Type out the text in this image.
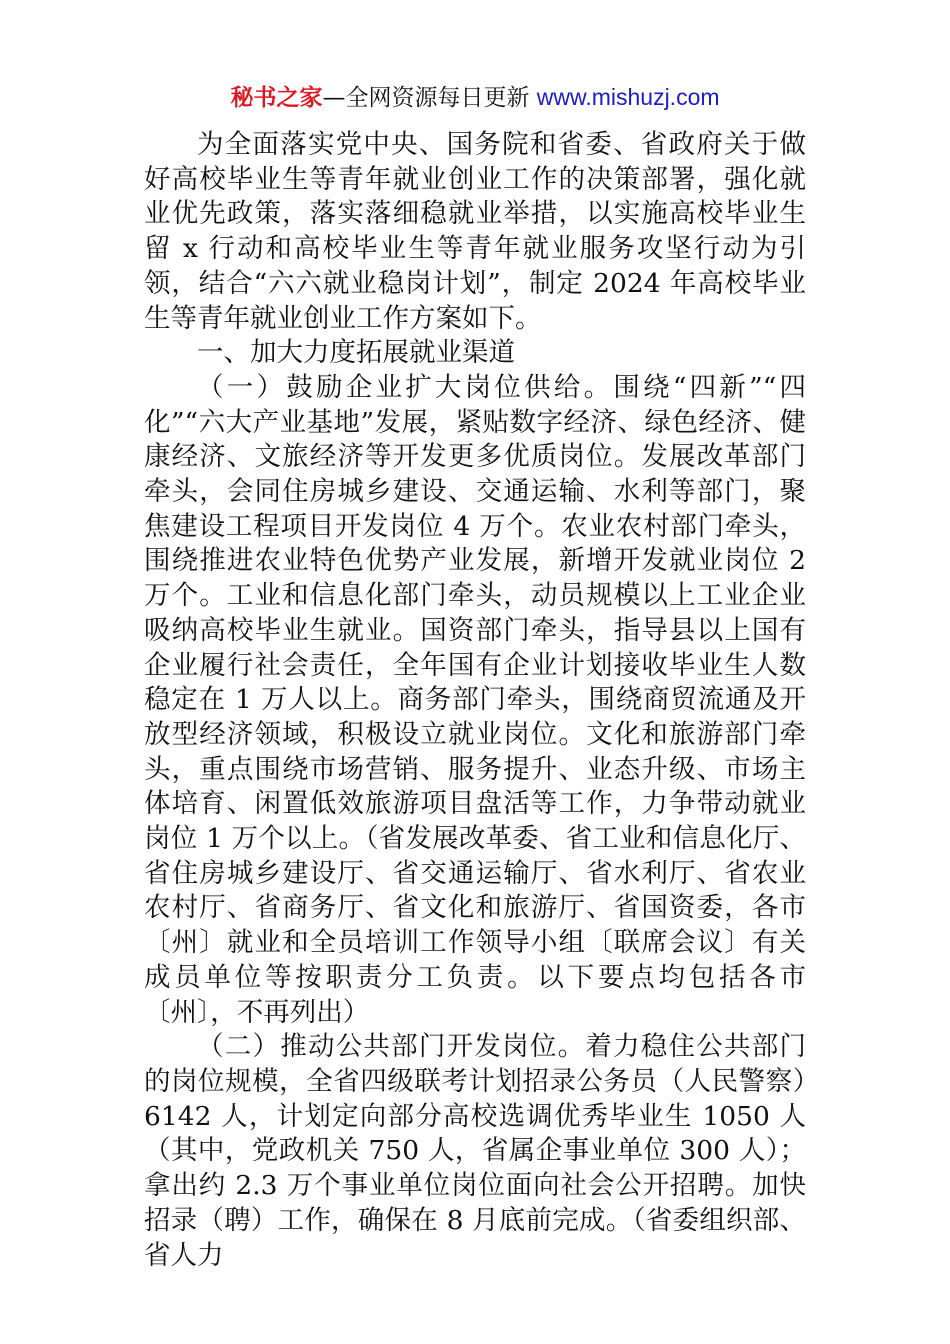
秘书之家—全网资源每日更新 www.mishuzj.com

为全面落实党中央、国务院和省委、省政府关于做好高校毕业生等青年就业创业工作的决策部署，强化就业优先政策，落实落细稳就业举措，以实施高校毕业生留 x 行动和高校毕业生等青年就业服务攻坚行动为引领，结合“六六就业稳岗计划”，制定 2024 年高校毕业生等青年就业创业工作方案如下。

一、加大力度拓展就业渠道

（一）鼓励企业扩大岗位供给。围绕“四新”“四化”“六大产业基地”发展，紧贴数字经济、绿色经济、健康经济、文旅经济等开发更多优质岗位。发展改革部门牵头，会同住房城乡建设、交通运输、水利等部门，聚焦建设工程项目开发岗位 4 万个。农业农村部门牵头，围绕推进农业特色优势产业发展，新增开发就业岗位 2 万个。工业和信息化部门牵头，动员规模以上工业企业吸纳高校毕业生就业。国资部门牵头，指导县以上国有企业履行社会责任，全年国有企业计划接收毕业生人数稳定在 1 万人以上。商务部门牵头，围绕商贸流通及开放型经济领域，积极设立就业岗位。文化和旅游部门牵头，重点围绕市场营销、服务提升、业态升级、市场主体培育、闲置低效旅游项目盘活等工作，力争带动就业岗位 1 万个以上。（省发展改革委、省工业和信息化厅、省住房城乡建设厅、省交通运输厅、省水利厅、省农业农村厅、省商务厅、省文化和旅游厅、省国资委，各市〔州〕就业和全员培训工作领导小组〔联席会议〕有关成员单位等按职责分工负责。以下要点均包括各市〔州〕，不再列出）

（二）推动公共部门开发岗位。着力稳住公共部门的岗位规模，全省四级联考计划招录公务员（人民警察）6142 人，计划定向部分高校选调优秀毕业生 1050 人（其中，党政机关 750 人，省属企事业单位 300 人）；拿出约 2.3 万个事业单位岗位面向社会公开招聘。加快招录（聘）工作，确保在 8 月底前完成。（省委组织部、省人力
